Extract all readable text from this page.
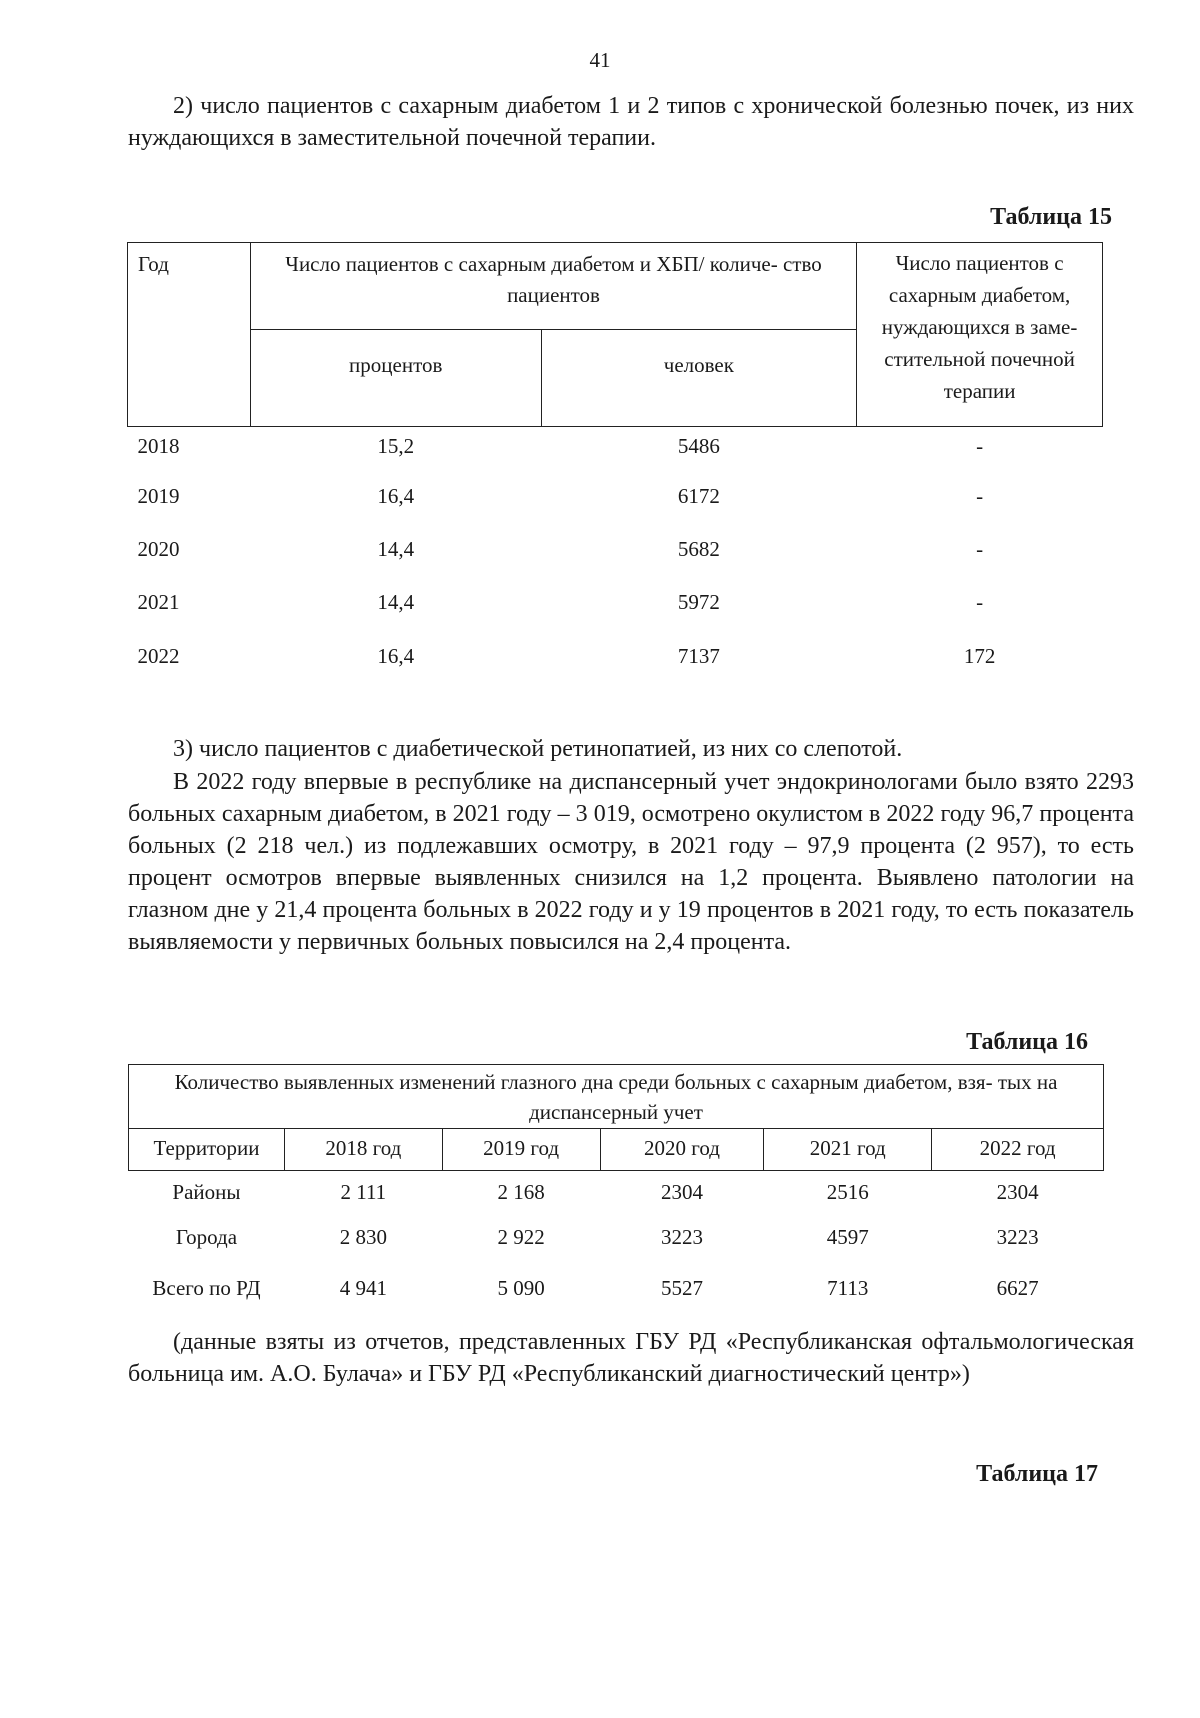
41

2) число пациентов с сахарным диабетом 1 и 2 типов с хронической болезнью почек, из них нуждающихся в заместительной почечной терапии.

Таблица 15
Год	Число пациентов с сахарным диабетом и ХБП/ количе- ство пациентов		Число пациентов с сахарным диабетом, нуждающихся в заме- стительной почечной терапии
	процентов	человек	
2018	15,2	5486	-
2019	16,4	6172	-
2020	14,4	5682	-
2021	14,4	5972	-
2022	16,4	7137	172

3) число пациентов с диабетической ретинопатией, из них со слепотой.

В 2022 году впервые в республике на диспансерный учет эндокринологами было взято 2293 больных сахарным диабетом, в 2021 году – 3 019, осмотрено окулистом в 2022 году 96,7 процента больных (2 218 чел.) из подлежавших осмотру, в 2021 году – 97,9 процента (2 957), то есть процент осмотров впервые выявленных снизился на 1,2 процента. Выявлено патологии на глазном дне у 21,4 процента больных в 2022 году и у 19 процентов в 2021 году, то есть показатель выявляемости у первичных больных повысился на 2,4 процента.

Таблица 16
Количество выявленных изменений глазного дна среди больных с сахарным диабетом, взя- тых на диспансерный учет					
Территории	2018 год	2019 год	2020 год	2021 год	2022 год
Районы	2 111	2 168	2304	2516	2304
Города	2 830	2 922	3223	4597	3223
Всего по РД	4 941	5 090	5527	7113	6627

(данные взяты из отчетов, представленных ГБУ РД «Республиканская офтальмологическая больница им. А.О. Булача» и ГБУ РД «Республиканский диагностический центр»)

Таблица 17
